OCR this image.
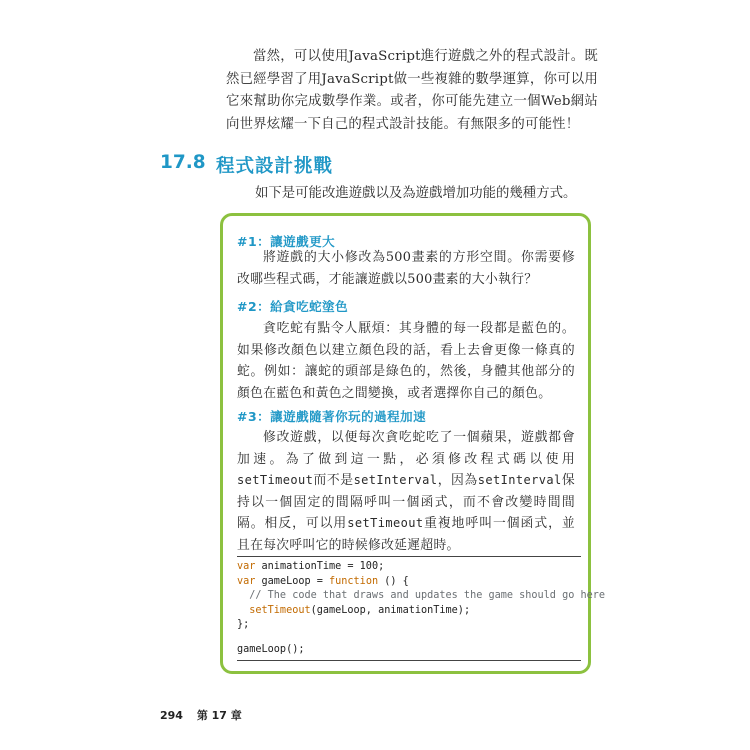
當然，可以使用JavaScript進行遊戲之外的程式設計。既然已經學習了用JavaScript做一些複雜的數學運算，你可以用它來幫助你完成數學作業。或者，你可能先建立一個Web網站向世界炫耀一下自己的程式設計技能。有無限多的可能性！

17.8 程式設計挑戰

如下是可能改進遊戲以及為遊戲增加功能的幾種方式。

#1：讓遊戲更大

將遊戲的大小修改為500畫素的方形空間。你需要修改哪些程式碼，才能讓遊戲以500畫素的大小執行？

#2：給貪吃蛇塗色

貪吃蛇有點令人厭煩：其身體的每一段都是藍色的。如果修改顏色以建立顏色段的話，看上去會更像一條真的蛇。例如：讓蛇的頭部是綠色的，然後，身體其他部分的顏色在藍色和黃色之間變換，或者選擇你自己的顏色。

#3：讓遊戲隨著你玩的過程加速

修改遊戲，以便每次貪吃蛇吃了一個蘋果，遊戲都會加速。為了做到這一點，必須修改程式碼以使用setTimeout而不是setInterval，因為setInterval保持以一個固定的間隔呼叫一個函式，而不會改變時間間隔。相反，可以用setTimeout重複地呼叫一個函式，並且在每次呼叫它的時候修改延遲超時。

var animationTime = 100;
var gameLoop = function () {
// The code that draws and updates the game should go here
setTimeout(gameLoop, animationTime);
};
gameLoop();
294 第 17 章
